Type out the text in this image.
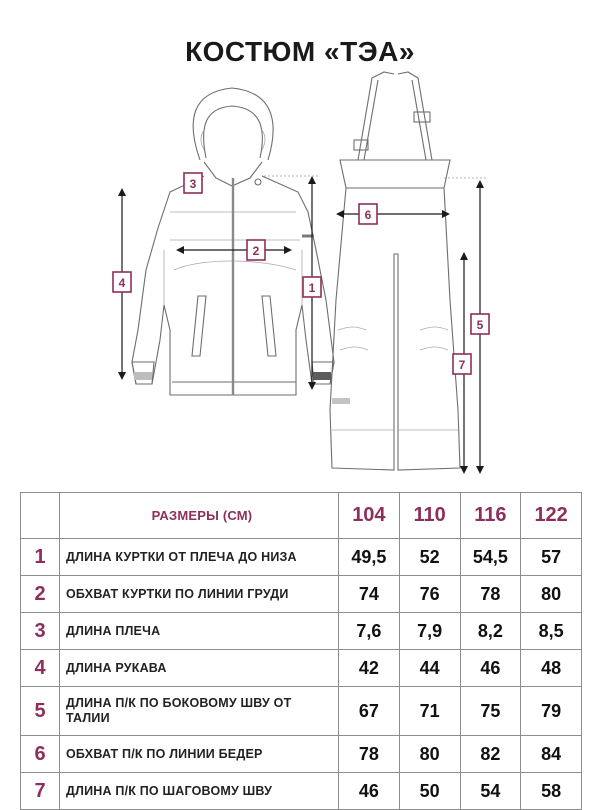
КОСТЮМ «ТЭА»
1
2
3
4
5
6
7
	РАЗМЕРЫ (СМ)	104	110	116	122
1	ДЛИНА КУРТКИ ОТ ПЛЕЧА ДО НИЗА	49,5	52	54,5	57
2	ОБХВАТ КУРТКИ ПО ЛИНИИ ГРУДИ	74	76	78	80
3	ДЛИНА ПЛЕЧА	7,6	7,9	8,2	8,5
4	ДЛИНА РУКАВА	42	44	46	48
5	ДЛИНА П/К ПО БОКОВОМУ ШВУ ОТ ТАЛИИ	67	71	75	79
6	ОБХВАТ П/К ПО ЛИНИИ БЕДЕР	78	80	82	84
7	ДЛИНА П/К ПО ШАГОВОМУ ШВУ	46	50	54	58
